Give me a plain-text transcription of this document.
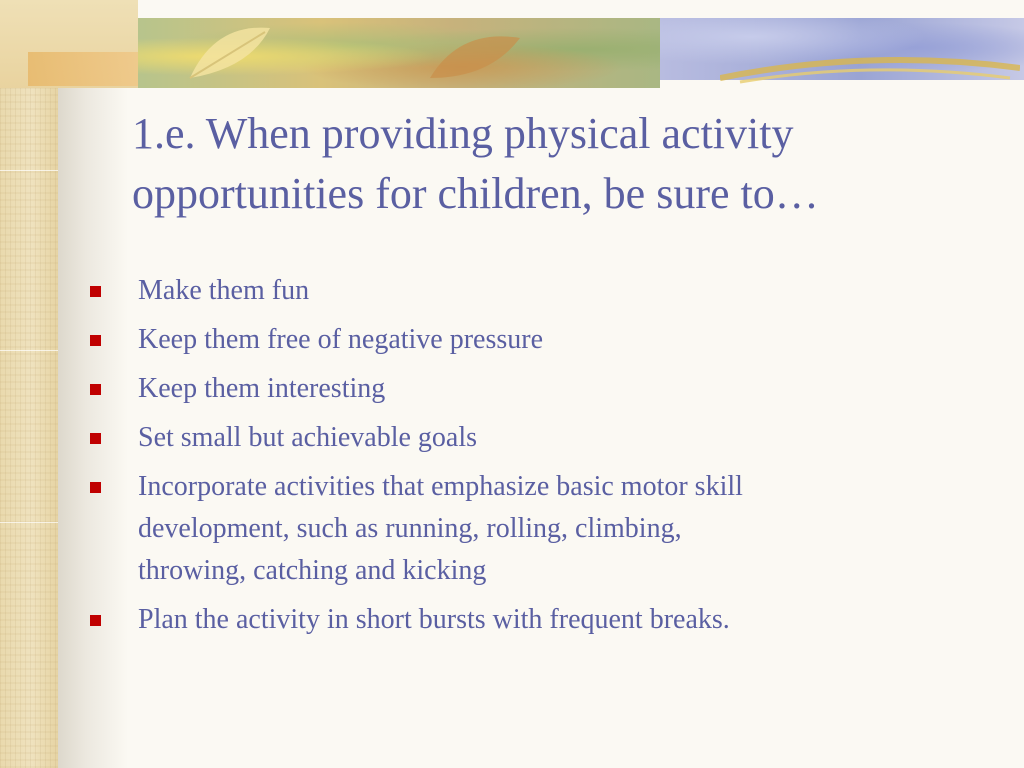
1.e. When providing physical activity opportunities for children, be sure to…
Make them fun
Keep them free of negative pressure
Keep them interesting
Set small but achievable goals
Incorporate activities that emphasize basic motor skill
development, such as running, rolling, climbing,
throwing, catching and kicking
Plan the activity in short bursts with frequent breaks.
